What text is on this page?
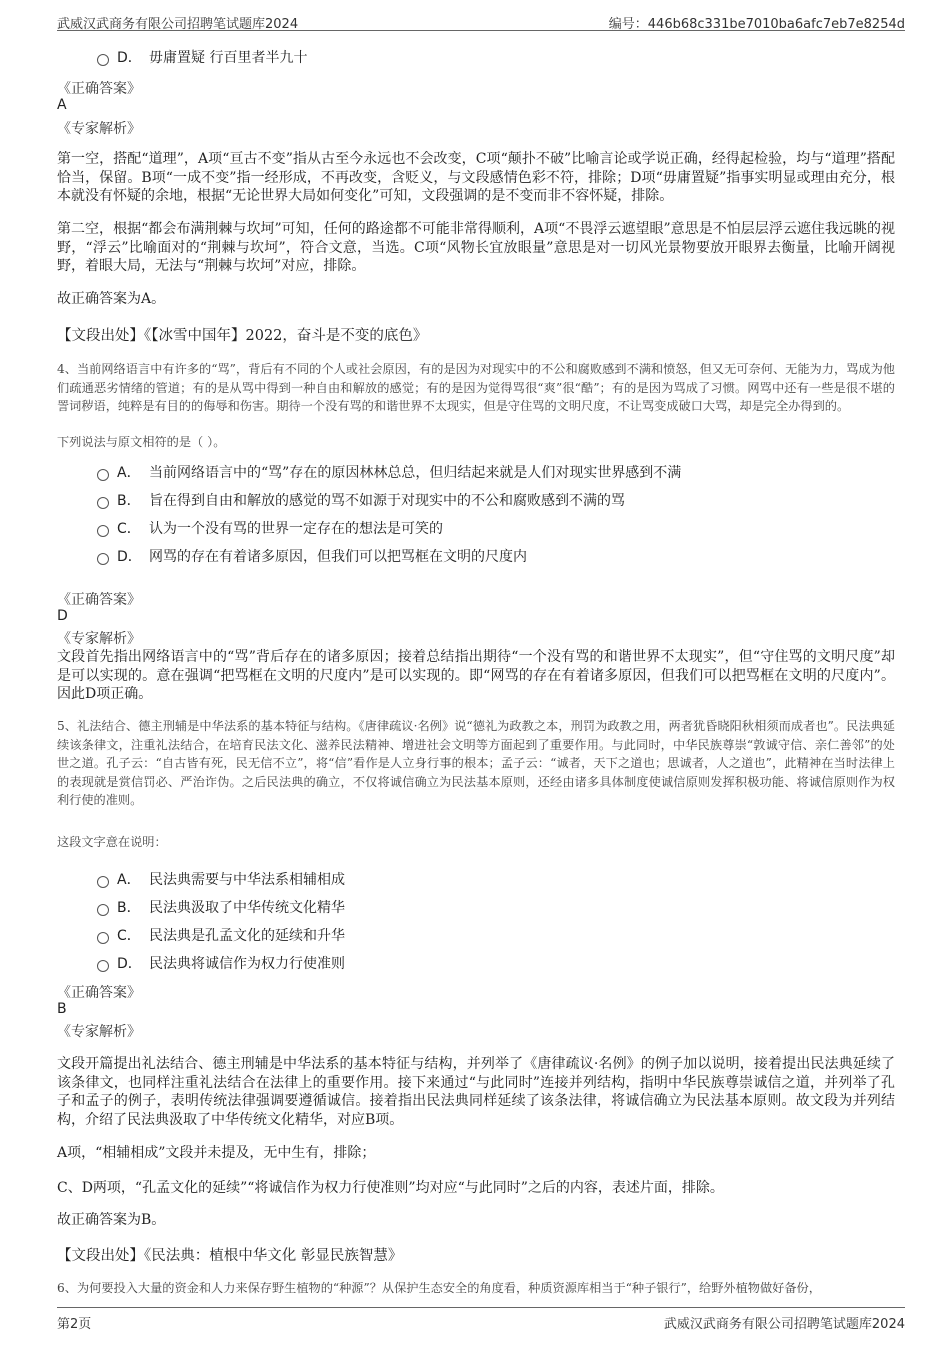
武威汉武商务有限公司招聘笔试题库2024	编号：446b68c331be7010ba6afc7eb7e8254d
D． 毋庸置疑 行百里者半九十
《正确答案》
A
《专家解析》
第一空，搭配“道理”，A项“亘古不变”指从古至今永远也不会改变，C项“颠扑不破”比喻言论或学说正确，经得起检验，均与“道理”搭配恰当，保留。B项“一成不变”指一经形成，不再改变，含贬义，与文段感情色彩不符，排除；D项“毋庸置疑”指事实明显或理由充分，根本就没有怀疑的余地，根据“无论世界大局如何变化”可知，文段强调的是不变而非不容怀疑，排除。
第二空，根据“都会布满荆棘与坎坷”可知，任何的路途都不可能非常得顺利，A项“不畏浮云遮望眼”意思是不怕层层浮云遮住我远眺的视野，“浮云”比喻面对的“荆棘与坎坷”，符合文意，当选。C项“风物长宜放眼量”意思是对一切风光景物要放开眼界去衡量，比喻开阔视野，着眼大局，无法与“荆棘与坎坷”对应，排除。
故正确答案为A。
【文段出处】《【冰雪中国年】2022，奋斗是不变的底色》
4、当前网络语言中有许多的“骂”，背后有不同的个人或社会原因，有的是因为对现实中的不公和腐败感到不满和愤怒，但又无可奈何、无能为力，骂成为他们疏通恶劣情绪的管道；有的是从骂中得到一种自由和解放的感觉；有的是因为觉得骂很“爽”很“酷”；有的是因为骂成了习惯。网骂中还有一些是很不堪的詈词秽语，纯粹是有目的的侮辱和伤害。期待一个没有骂的和谐世界不太现实，但是守住骂的文明尺度，不让骂变成破口大骂，却是完全办得到的。
下列说法与原文相符的是（ ）。
A． 当前网络语言中的“骂”存在的原因林林总总，但归结起来就是人们对现实世界感到不满
B． 旨在得到自由和解放的感觉的骂不如源于对现实中的不公和腐败感到不满的骂
C． 认为一个没有骂的世界一定存在的想法是可笑的
D． 网骂的存在有着诸多原因，但我们可以把骂框在文明的尺度内
《正确答案》
D
《专家解析》
文段首先指出网络语言中的“骂”背后存在的诸多原因；接着总结指出期待“一个没有骂的和谐世界不太现实”，但“守住骂的文明尺度”却是可以实现的。意在强调“把骂框在文明的尺度内”是可以实现的。即“网骂的存在有着诸多原因，但我们可以把骂框在文明的尺度内”。因此D项正确。
5、礼法结合、德主刑辅是中华法系的基本特征与结构。《唐律疏议·名例》说“德礼为政教之本，刑罚为政教之用，两者犹昏晓阳秋相须而成者也”。民法典延续该条律文，注重礼法结合，在培育民法文化、滋养民法精神、增进社会文明等方面起到了重要作用。与此同时，中华民族尊崇“敦诚守信、亲仁善邻”的处世之道。孔子云：“自古皆有死，民无信不立”，将“信”看作是人立身行事的根本；孟子云：“诚者，天下之道也；思诚者，人之道也”，此精神在当时法律上的表现就是赏信罚必、严治诈伪。之后民法典的确立，不仅将诚信确立为民法基本原则，还经由诸多具体制度使诚信原则发挥积极功能、将诚信原则作为权利行使的准则。
这段文字意在说明：
A． 民法典需要与中华法系相辅相成
B． 民法典汲取了中华传统文化精华
C． 民法典是孔孟文化的延续和升华
D． 民法典将诚信作为权力行使准则
《正确答案》
B
《专家解析》
文段开篇提出礼法结合、德主刑辅是中华法系的基本特征与结构，并列举了《唐律疏议·名例》的例子加以说明，接着提出民法典延续了该条律文，也同样注重礼法结合在法律上的重要作用。接下来通过“与此同时”连接并列结构，指明中华民族尊崇诚信之道，并列举了孔子和孟子的例子，表明传统法律强调要遵循诚信。接着指出民法典同样延续了该条法律，将诚信确立为民法基本原则。故文段为并列结构，介绍了民法典汲取了中华传统文化精华，对应B项。
A项，“相辅相成”文段并未提及，无中生有，排除；
C、D两项，“孔孟文化的延续”“将诚信作为权力行使准则”均对应“与此同时”之后的内容，表述片面，排除。
故正确答案为B。
【文段出处】《民法典：植根中华文化 彰显民族智慧》
6、为何要投入大量的资金和人力来保存野生植物的“种源”？从保护生态安全的角度看，种质资源库相当于“种子银行”，给野外植物做好备份，
第2页	武威汉武商务有限公司招聘笔试题库2024
